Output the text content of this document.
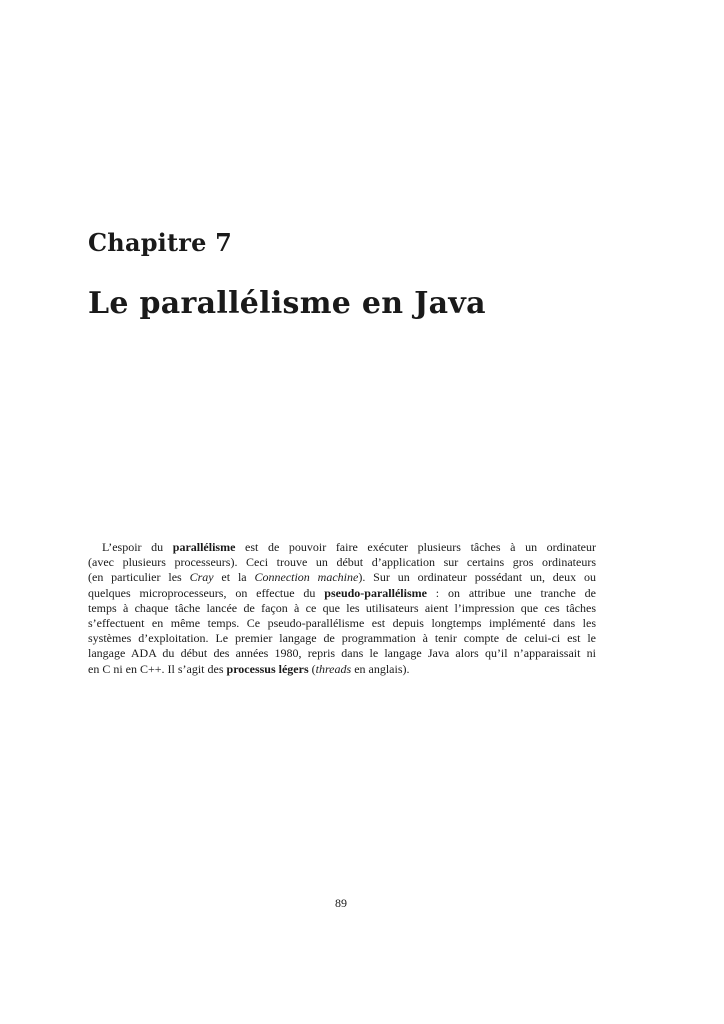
Chapitre 7
Le parallélisme en Java
L’espoir du parallélisme est de pouvoir faire exécuter plusieurs tâches à un ordinateur
(avec plusieurs processeurs). Ceci trouve un début d’application sur certains gros ordinateurs
(en particulier les Cray et la Connection machine). Sur un ordinateur possédant un, deux ou
quelques microprocesseurs, on effectue du pseudo-parallélisme : on attribue une tranche de
temps à chaque tâche lancée de façon à ce que les utilisateurs aient l’impression que ces tâches
s’effectuent en même temps. Ce pseudo-parallélisme est depuis longtemps implémenté dans les
systèmes d’exploitation. Le premier langage de programmation à tenir compte de celui-ci est le
langage ADA du début des années 1980, repris dans le langage Java alors qu’il n’apparaissait ni
en C ni en C++. Il s’agit des processus légers (threads en anglais).
89
